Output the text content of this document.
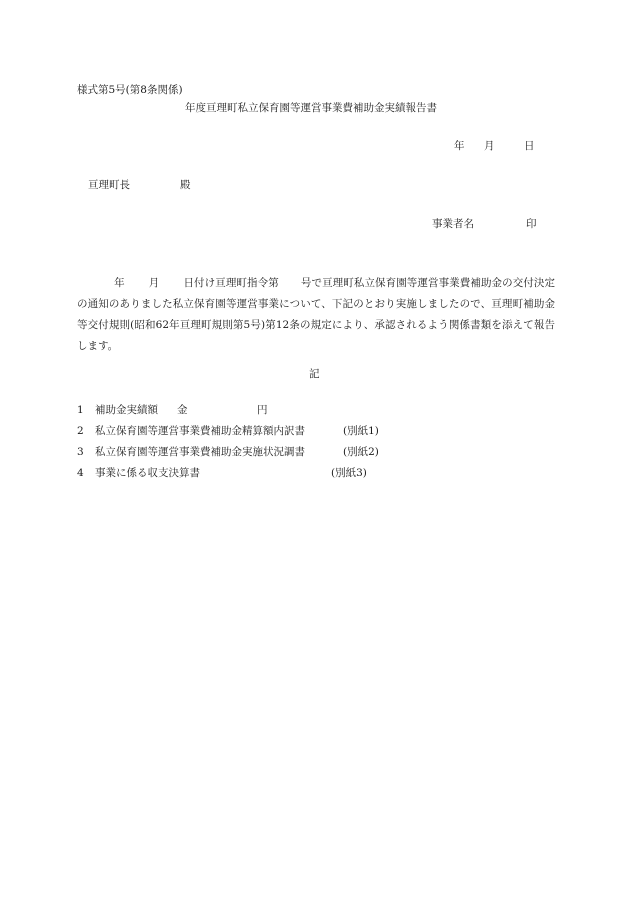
様式第5号(第8条関係)
年度亘理町私立保育園等運営事業費補助金実績報告書
年 月	日
亘理町長	殿
事業者名	印
年 月 日付け亘理町指令第 号で亘理町私立保育園等運営事業費補助金の交付決定の通知のありました私立保育園等運営事業について、下記のとおり実施しましたので、亘理町補助金等交付規則(昭和62年亘理町規則第5号)第12条の規定により、承認されるよう関係書類を添えて報告します。
記
1	補助金実績額	金	円
2	私立保育園等運営事業費補助金精算額内訳書	(別紙1)
3	私立保育園等運営事業費補助金実施状況調書	(別紙2)
4	事業に係る収支決算書	(別紙3)
